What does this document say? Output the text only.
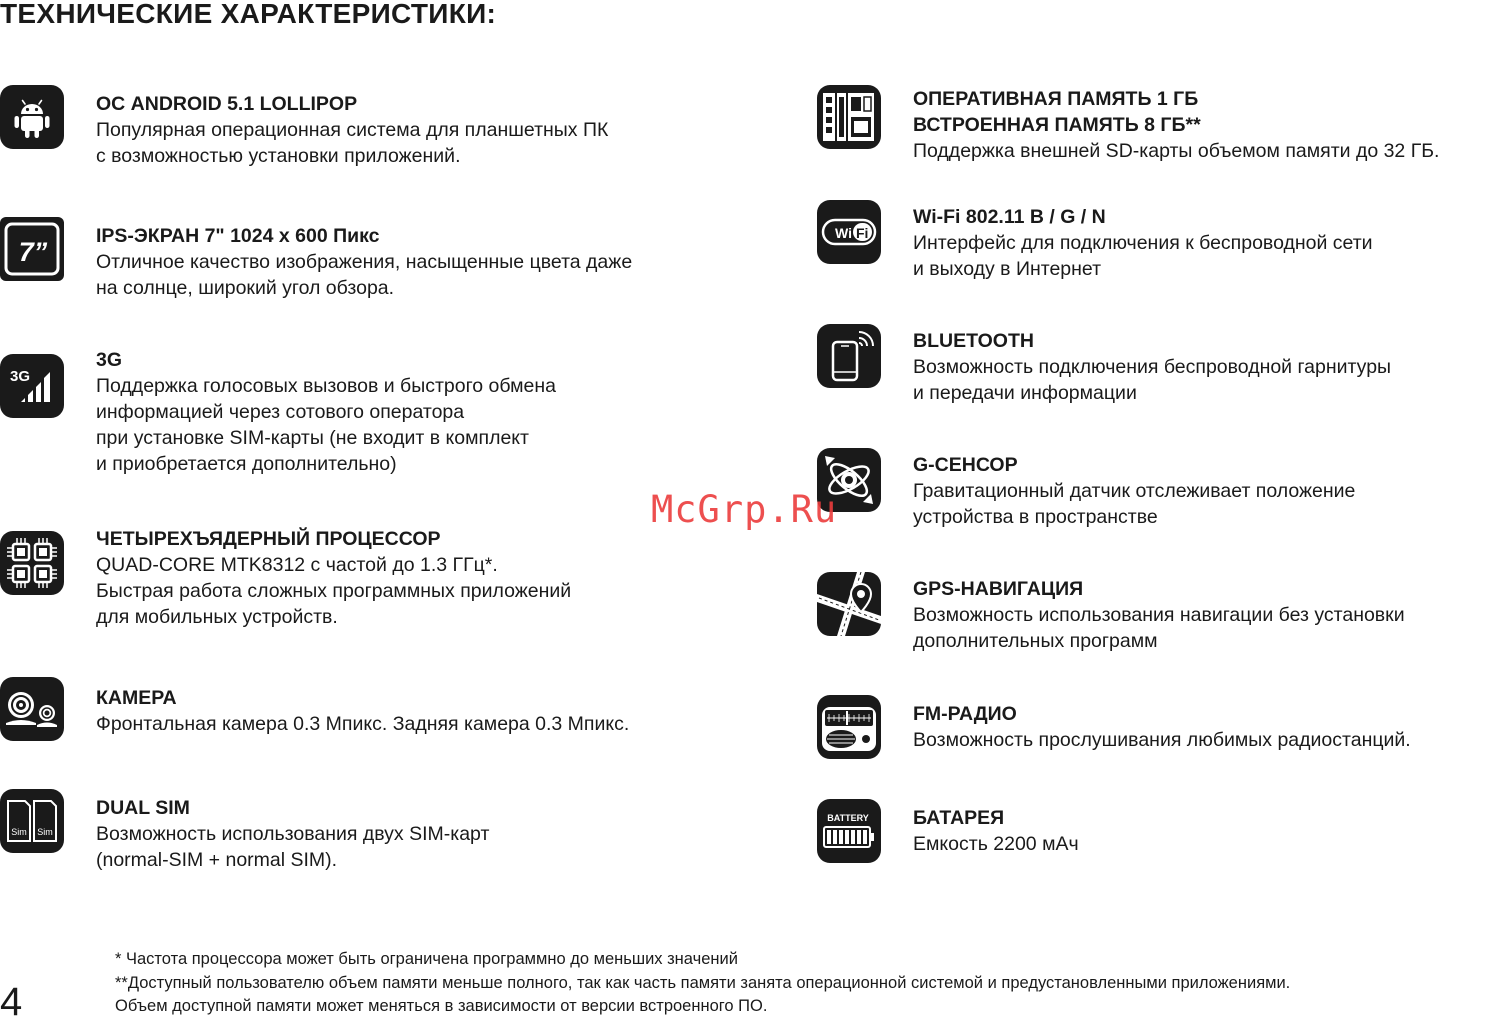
ТЕХНИЧЕСКИЕ ХАРАКТЕРИСТИКИ:
ОС ANDROID 5.1 LOLLIPOP
Популярная операционная система для планшетных ПК
с возможностью установки приложений.
7”
IPS-ЭКРАН 7" 1024 х 600 Пикс
Отличное качество изображения, насыщенные цвета даже
на солнце, широкий угол обзора.
3G
3G
Поддержка голосовых вызовов и быстрого обмена
информацией через сотового оператора
при установке SIM-карты (не входит в комплект
и приобретается дополнительно)
ЧЕТЫРЕХЪЯДЕРНЫЙ ПРОЦЕССОР
QUAD-CORE MTK8312 с частой до 1.3 ГГц*.
Быстрая работа сложных программных приложений
для мобильных устройств.
КАМЕРА
Фронтальная камера 0.3 Мпикс. Задняя камера 0.3 Мпикс.
Sim Sim
DUAL SIM
Возможность использования двух SIM-карт
(normal-SIM + normal SIM).
ОПЕРАТИВНАЯ ПАМЯТЬ 1 ГБ
ВСТРОЕННАЯ ПАМЯТЬ 8 ГБ**
Поддержка внешней SD-карты объемом памяти до 32 ГБ.
Wi Fi
Wi-Fi 802.11 B / G / N
Интерфейс для подключения к беспроводной сети
и выходу в Интернет
BLUETOOTH
Возможность подключения беспроводной гарнитуры
и передачи информации
G-СЕНСОР
Гравитационный датчик отслеживает положение
устройства в пространстве
GPS-НАВИГАЦИЯ
Возможность использования навигации без установки
дополнительных программ
FM-РАДИО
Возможность прослушивания любимых радиостанций.
BATTERY БАТАРЕЯ
Емкость 2200 мАч
McGrp.Ru
* Частота процессора может быть ограничена программно до меньших значений
**Доступный пользователю объем памяти меньше полного, так как часть памяти занята операционной системой и предустановленными приложениями.
Объем доступной памяти может меняться в зависимости от версии встроенного ПО.
4
